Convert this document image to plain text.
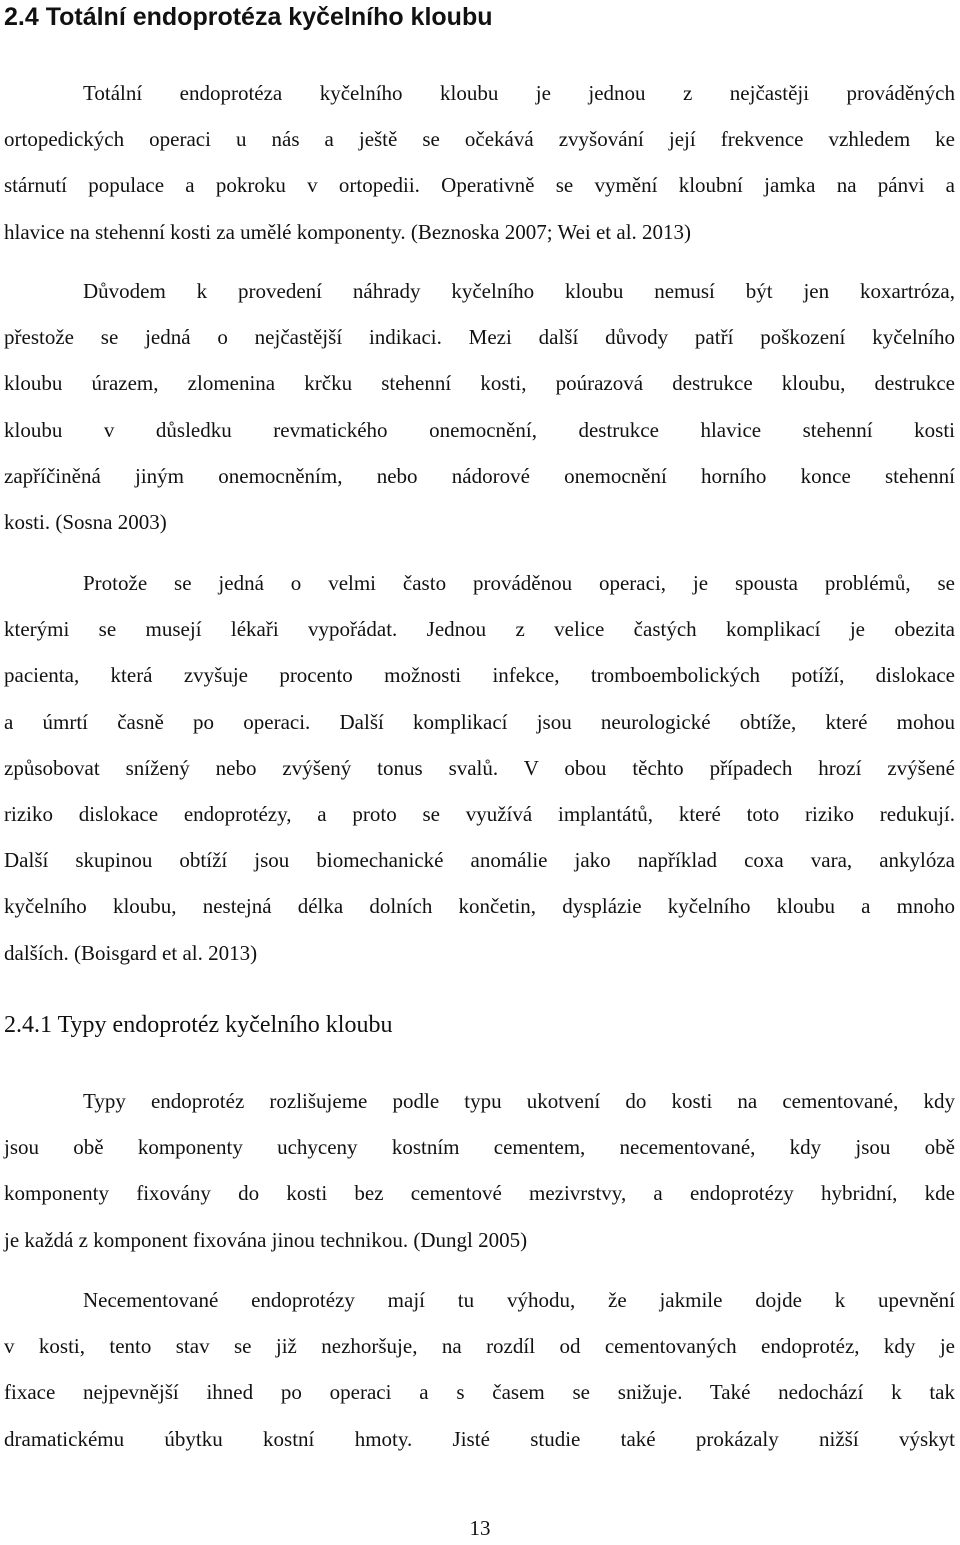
2.4 Totální endoprotéza kyčelního kloubu
Totální endoprotéza kyčelního kloubu je jednou z nejčastěji prováděných
ortopedických operaci u nás a ještě se očekává zvyšování její frekvence vzhledem ke
stárnutí populace a pokroku v ortopedii. Operativně se vymění kloubní jamka na pánvi a
hlavice na stehenní kosti za umělé komponenty. (Beznoska 2007; Wei et al. 2013)
Důvodem k provedení náhrady kyčelního kloubu nemusí být jen koxartróza,
přestože se jedná o nejčastější indikaci. Mezi další důvody patří poškození kyčelního
kloubu úrazem, zlomenina krčku stehenní kosti, poúrazová destrukce kloubu, destrukce
kloubu v důsledku revmatického onemocnění, destrukce hlavice stehenní kosti
zapříčiněná jiným onemocněním, nebo nádorové onemocnění horního konce stehenní
kosti. (Sosna 2003)
Protože se jedná o velmi často prováděnou operaci, je spousta problémů, se
kterými se musejí lékaři vypořádat. Jednou z velice častých komplikací je obezita
pacienta, která zvyšuje procento možnosti infekce, tromboembolických potíží, dislokace
a úmrtí časně po operaci. Další komplikací jsou neurologické obtíže, které mohou
způsobovat snížený nebo zvýšený tonus svalů. V obou těchto případech hrozí zvýšené
riziko dislokace endoprotézy, a proto se využívá implantátů, které toto riziko redukují.
Další skupinou obtíží jsou biomechanické anomálie jako například coxa vara, ankylóza
kyčelního kloubu, nestejná délka dolních končetin, dysplázie kyčelního kloubu a mnoho
dalších. (Boisgard et al. 2013)
2.4.1 Typy endoprotéz kyčelního kloubu
Typy endoprotéz rozlišujeme podle typu ukotvení do kosti na cementované, kdy
jsou obě komponenty uchyceny kostním cementem, necementované, kdy jsou obě
komponenty fixovány do kosti bez cementové mezivrstvy, a endoprotézy hybridní, kde
je každá z komponent fixována jinou technikou. (Dungl 2005)
Necementované endoprotézy mají tu výhodu, že jakmile dojde k upevnění
v kosti, tento stav se již nezhoršuje, na rozdíl od cementovaných endoprotéz, kdy je
fixace nejpevnější ihned po operaci a s časem se snižuje. Také nedochází k tak
dramatickému úbytku kostní hmoty. Jisté studie také prokázaly nižší výskyt
13
